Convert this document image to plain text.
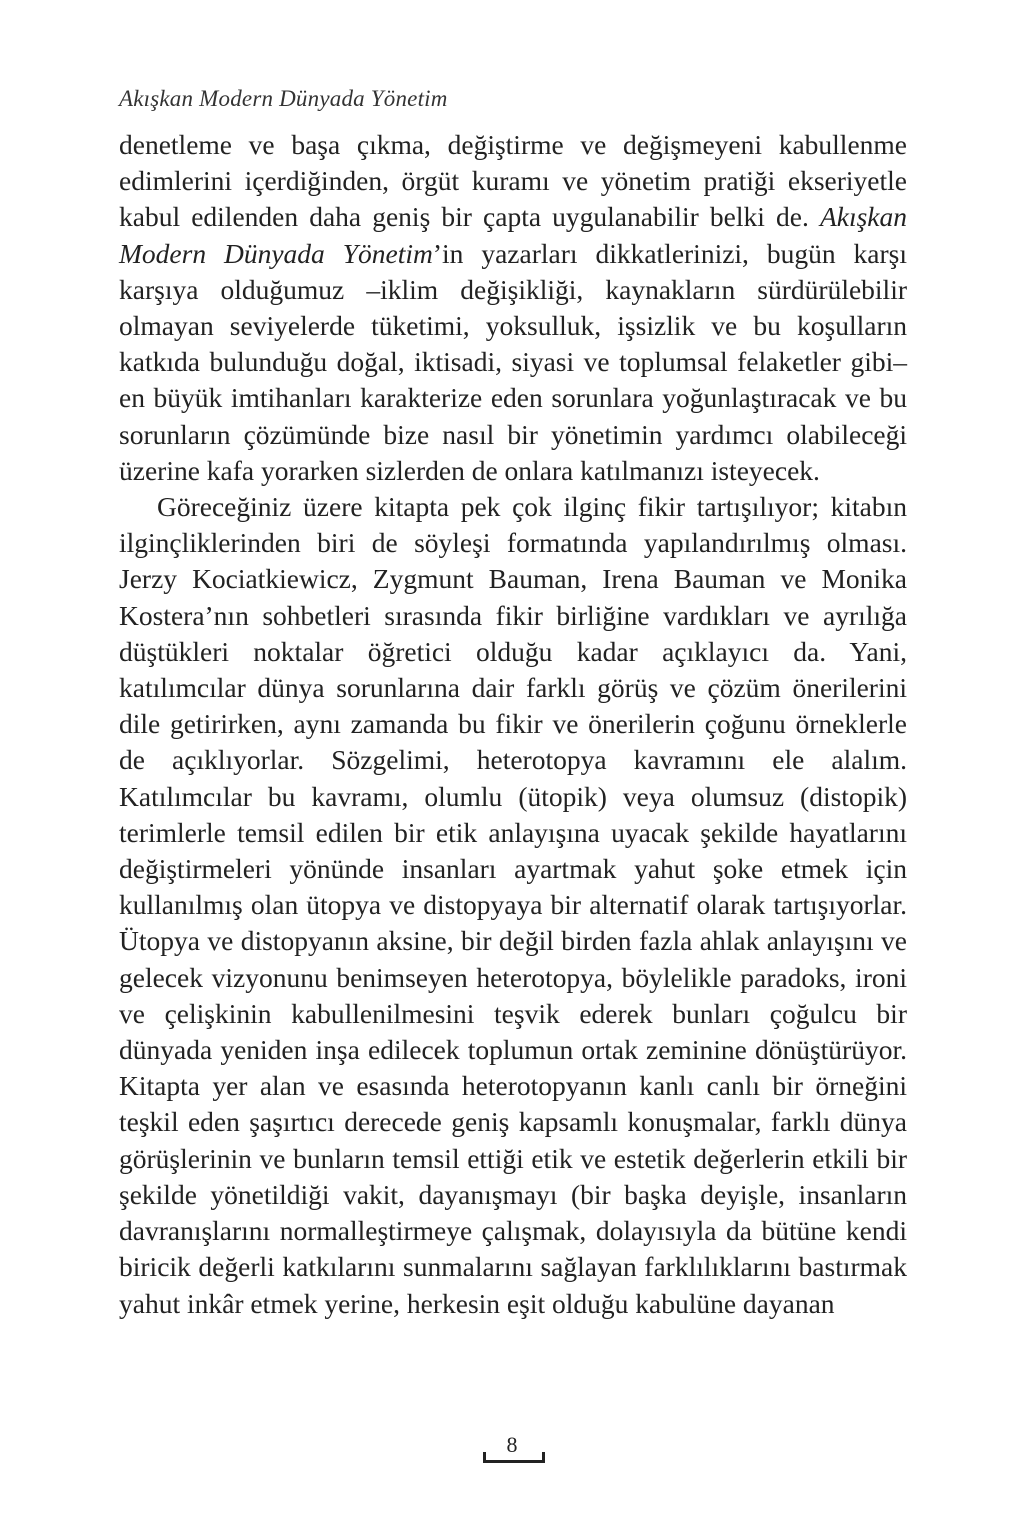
Akışkan Modern Dünyada Yönetim

denetleme ve başa çıkma, değiştirme ve değişmeyeni kabullenme edimlerini içerdiğinden, örgüt kuramı ve yönetim pratiği ekseriyetle kabul edilenden daha geniş bir çapta uygulanabilir belki de. Akışkan Modern Dünyada Yönetim’in yazarları dikkatlerinizi, bugün karşı karşıya olduğumuz –iklim değişikliği, kaynakların sürdürülebilir olmayan seviyelerde tüketimi, yoksulluk, işsizlik ve bu koşulların katkıda bulunduğu doğal, iktisadi, siyasi ve toplumsal felaketler gibi– en büyük imtihanları karakterize eden sorunlara yoğunlaştıracak ve bu sorunların çözümünde bize nasıl bir yönetimin yardımcı olabileceği üzerine kafa yorarken sizlerden de onlara katılmanızı isteyecek.

Göreceğiniz üzere kitapta pek çok ilginç fikir tartışılıyor; kitabın ilginçliklerinden biri de söyleşi formatında yapılandırılmış olması. Jerzy Kociatkiewicz, Zygmunt Bauman, Irena Bauman ve Monika Kostera’nın sohbetleri sırasında fikir birliğine vardıkları ve ayrılığa düştükleri noktalar öğretici olduğu kadar açıklayıcı da. Yani, katılımcılar dünya sorunlarına dair farklı görüş ve çözüm önerilerini dile getirirken, aynı zamanda bu fikir ve önerilerin çoğunu örneklerle de açıklıyorlar. Sözgelimi, heterotopya kavramını ele alalım. Katılımcılar bu kavramı, olumlu (ütopik) veya olumsuz (distopik) terimlerle temsil edilen bir etik anlayışına uyacak şekilde hayatlarını değiştirmeleri yönünde insanları ayartmak yahut şoke etmek için kullanılmış olan ütopya ve distopyaya bir alternatif olarak tartışıyorlar. Ütopya ve distopyanın aksine, bir değil birden fazla ahlak anlayışını ve gelecek vizyonunu benimseyen heterotopya, böylelikle paradoks, ironi ve çelişkinin kabullenilmesini teşvik ederek bunları çoğulcu bir dünyada yeniden inşa edilecek toplumun ortak zeminine dönüştürüyor. Kitapta yer alan ve esasında heterotopyanın kanlı canlı bir örneğini teşkil eden şaşırtıcı derecede geniş kapsamlı konuşmalar, farklı dünya görüşlerinin ve bunların temsil ettiği etik ve estetik değerlerin etkili bir şekilde yönetildiği vakit, dayanışmayı (bir başka deyişle, insanların davranışlarını normalleştirmeye çalışmak, dolayısıyla da bütüne kendi biricik değerli katkılarını sunmalarını sağlayan farklılıklarını bastırmak yahut inkâr etmek yerine, herkesin eşit olduğu kabulüne dayanan

8
